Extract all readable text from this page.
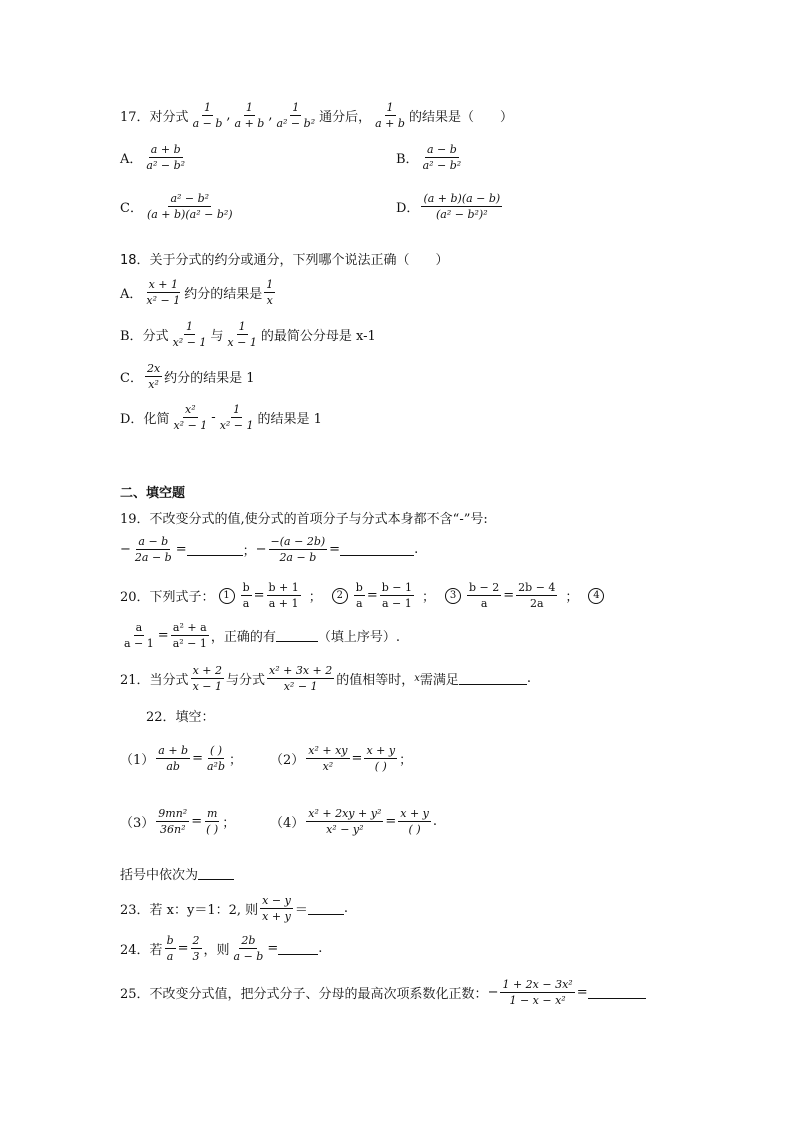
17． 对分式 $\frac{1}{a - b}$ , $\frac{1}{a + b}$ , $\frac{1}{\text{a² − b²}}$ 通分后， $\frac{1}{a + b}$ 的结果是（　　）
A． $\frac{a + b}{\text{a² − b²}}$	B． $\frac{a - b}{\text{a² − b²}}$
C． $\frac{\text{a² − b²}}{\text{(a + b)(a² − b²)}}$	D． $\frac{(a + b)(a - b)}{\text{(a² − b²)²}}$
18． 关于分式的约分或通分，下列哪个说法正确（　　）
A． $\frac{x + 1}{\text{x² − 1}}$ 约分的结果是 $\frac{1}{x}$
B． 分式 $\frac{1}{\text{x² − 1}}$ 与 $\frac{1}{x - 1}$ 的最简公分母是 x-1
C． $\frac{2x}{\text{x²}}$ 约分的结果是 1
D． 化简 $\frac{\text{x²}}{\text{x² − 1}} - \frac{1}{\text{x² − 1}}$ 的结果是 1
二、填空题
19． 不改变分式的值,使分式的首项分子与分式本身都不含“-”号:
− $\frac{a - b}{2a - b}$ =	； − $\frac{-(a - 2b)}{2a - b}$ =	.
20． 下列式子： $1 \frac{b}{a} = \frac{b + 1}{a + 1}$ ；	$2 \frac{b}{a} = \frac{b - 1}{a - 1}$ ；	$3 \frac{b - 2}{a} = \frac{2b - 4}{2a}$ ；	4
$\frac{a}{a - 1} = \frac{\text{a² + a}}{\text{a² − 1}}$ ，正确的有	（填上序号）.
21． 当分式 $\frac{x + 2}{x - 1}$ 与分式 $\frac{\text{x² + 3x + 2}}{\text{x² − 1}}$ 的值相等时， x 需满足	.
22． 填空：
$(1) \frac{a + b}{ab} = \frac{( )}{\text{a²b}}$ ； $(2) \frac{\text{x² + xy}}{\text{x²}} = \frac{x + y}{( )}$ ；
$(3) \frac{\text{9mn²}}{\text{36n²}} = \frac{m}{( )}$ ；	$(4) \frac{\text{x² + 2xy + y²}}{\text{x² − y²}} = \frac{x + y}{( )}$ .
括号中依次为
23． 若 x：y＝1：2, 则 $\frac{x - y}{x + y}$ ＝	.
24． 若 $\frac{b}{a} = \frac{2}{3}$ ，则 $\frac{2b}{a - b}$ =	.
25． 不改变分式值，把分式分子、分母的最高次项系数化正数： − $\frac{\text{1 + 2x − 3x²}}{\text{1 − x − x²}}$ =
